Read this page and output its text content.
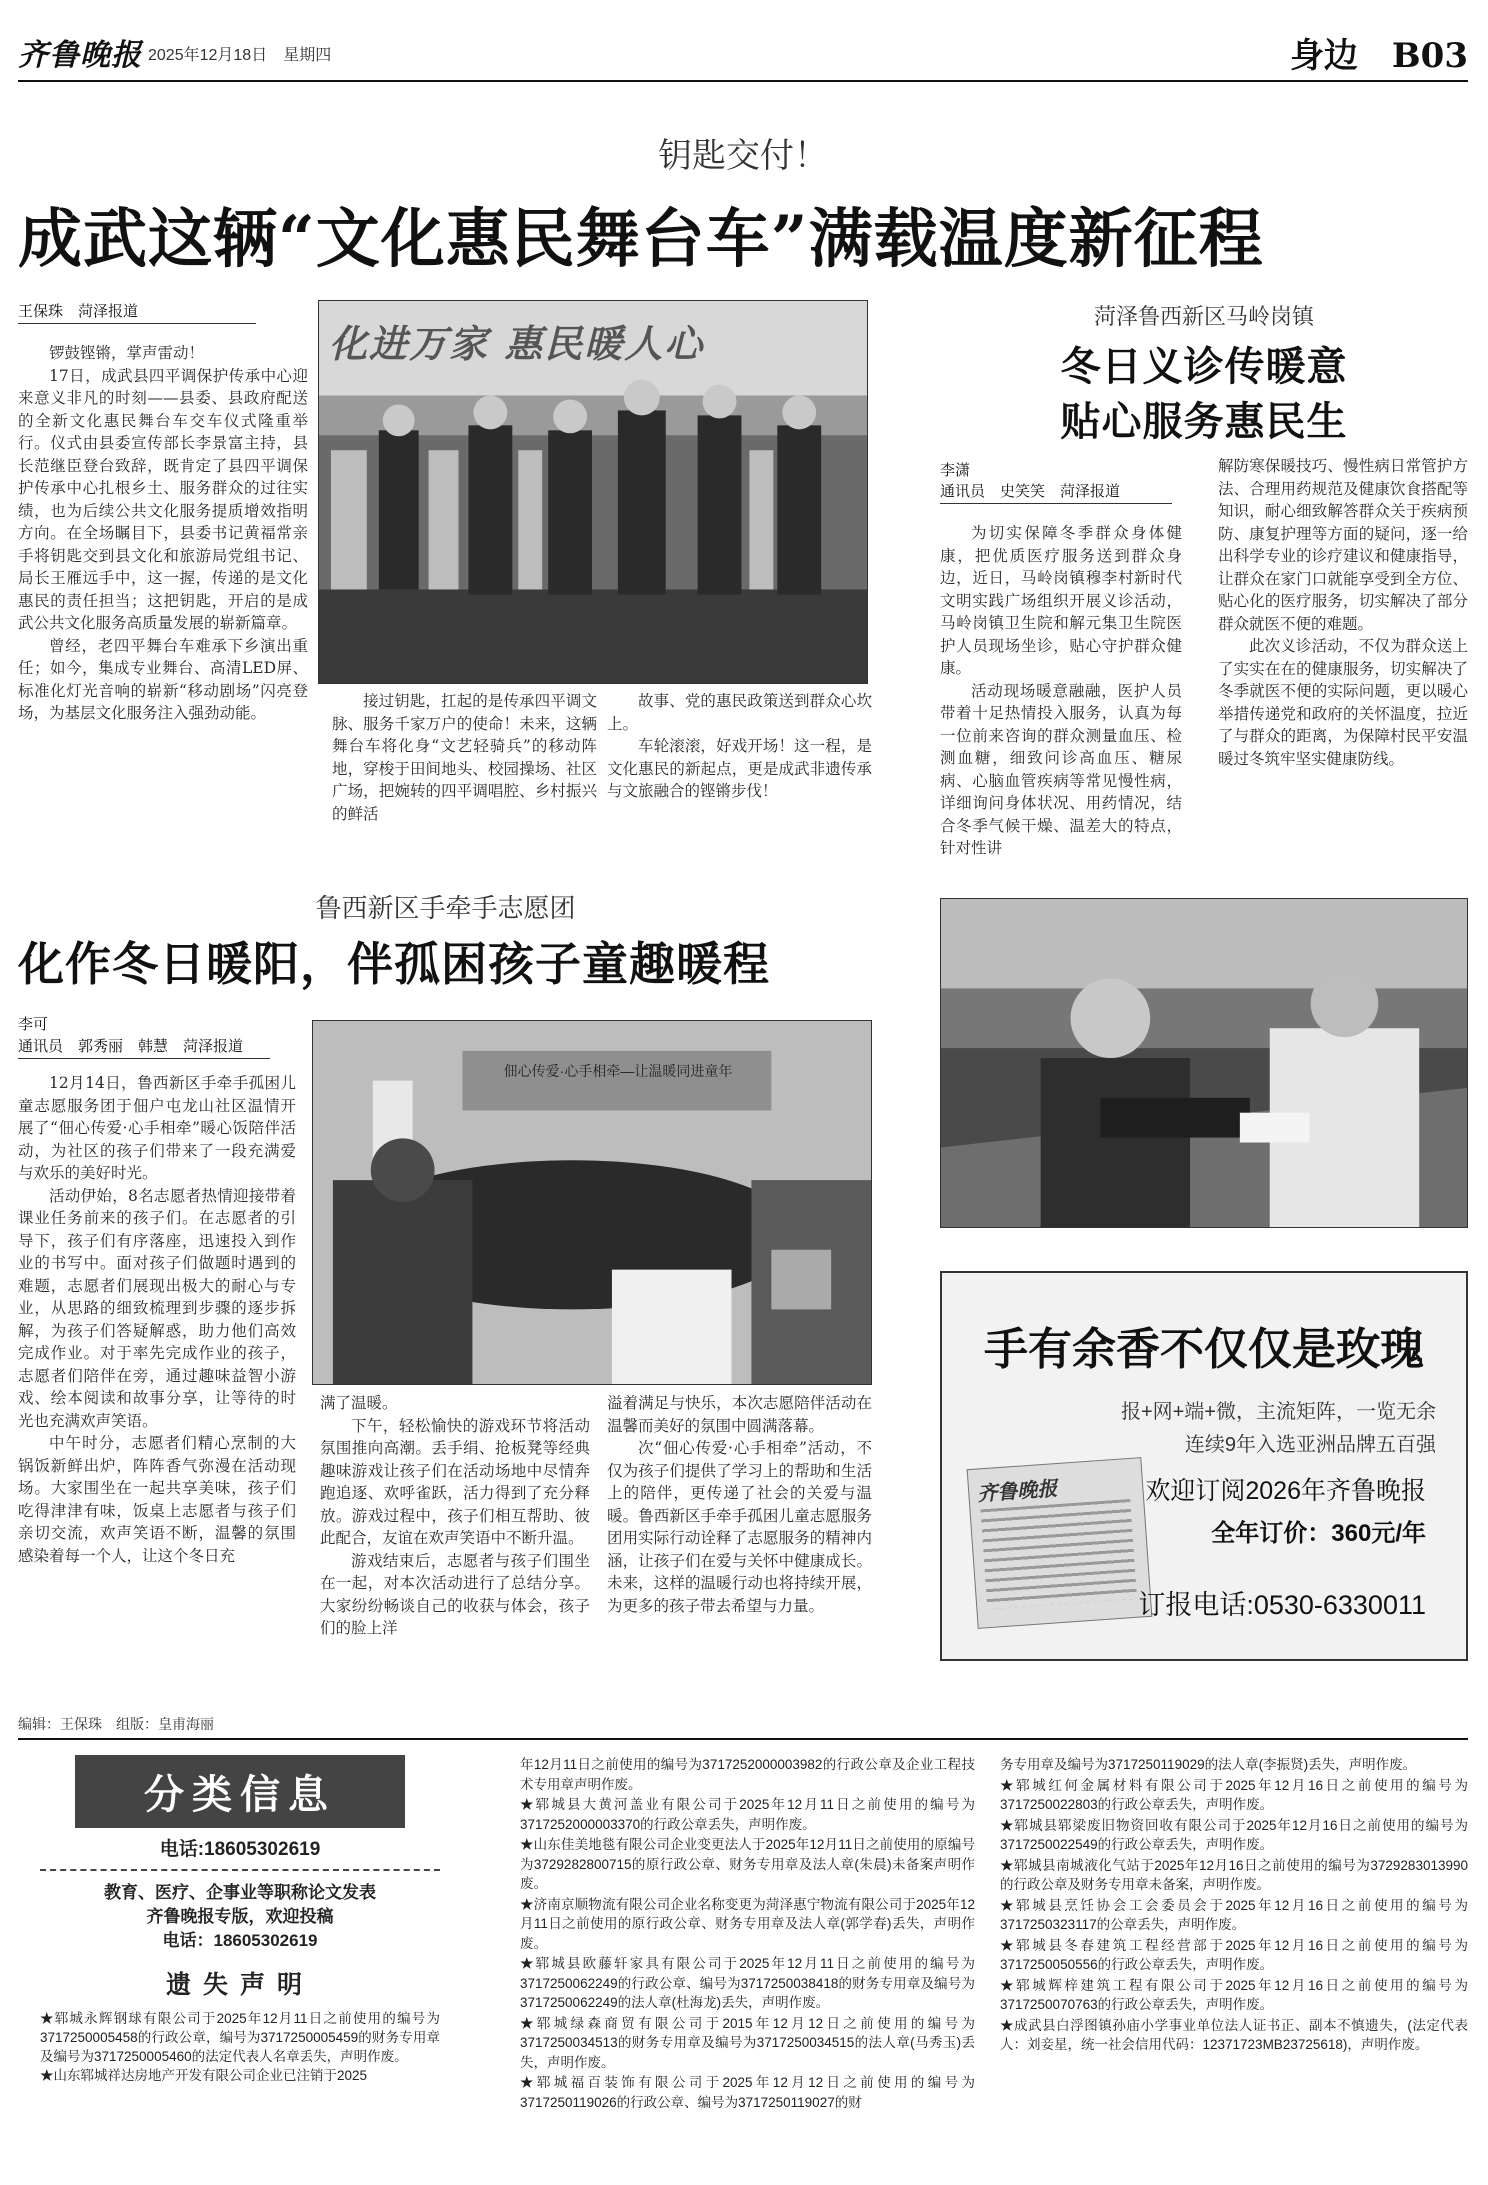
齐鲁晚报 2025年12月18日　星期四	身边　B03
钥匙交付！
成武这辆“文化惠民舞台车”满载温度新征程
王保珠　菏泽报道

锣鼓铿锵，掌声雷动！

17日，成武县四平调保护传承中心迎来意义非凡的时刻——县委、县政府配送的全新文化惠民舞台车交车仪式隆重举行。仪式由县委宣传部长李景富主持，县长范继臣登台致辞，既肯定了县四平调保护传承中心扎根乡土、服务群众的过往实绩，也为后续公共文化服务提质增效指明方向。在全场瞩目下，县委书记黄福常亲手将钥匙交到县文化和旅游局党组书记、局长王雁远手中，这一握，传递的是文化惠民的责任担当；这把钥匙，开启的是成武公共文化服务高质量发展的崭新篇章。

曾经，老四平舞台车难承下乡演出重任；如今，集成专业舞台、高清LED屏、标准化灯光音响的崭新“移动剧场”闪亮登场，为基层文化服务注入强劲动能。

化进万家 惠民暖人心

接过钥匙，扛起的是传承四平调文脉、服务千家万户的使命！未来，这辆舞台车将化身“文艺轻骑兵”的移动阵地，穿梭于田间地头、校园操场、社区广场，把婉转的四平调唱腔、乡村振兴的鲜活

故事、党的惠民政策送到群众心坎上。

车轮滚滚，好戏开场！这一程，是文化惠民的新起点，更是成武非遗传承与文旅融合的铿锵步伐！

菏泽鲁西新区马岭岗镇
冬日义诊传暖意
贴心服务惠民生
李潇
通讯员　史笑笑　菏泽报道

为切实保障冬季群众身体健康，把优质医疗服务送到群众身边，近日，马岭岗镇穆李村新时代文明实践广场组织开展义诊活动，马岭岗镇卫生院和解元集卫生院医护人员现场坐诊，贴心守护群众健康。

活动现场暖意融融，医护人员带着十足热情投入服务，认真为每一位前来咨询的群众测量血压、检测血糖，细致问诊高血压、糖尿病、心脑血管疾病等常见慢性病，详细询问身体状况、用药情况，结合冬季气候干燥、温差大的特点，针对性讲

解防寒保暖技巧、慢性病日常管护方法、合理用药规范及健康饮食搭配等知识，耐心细致解答群众关于疾病预防、康复护理等方面的疑问，逐一给出科学专业的诊疗建议和健康指导，让群众在家门口就能享受到全方位、贴心化的医疗服务，切实解决了部分群众就医不便的难题。

此次义诊活动，不仅为群众送上了实实在在的健康服务，切实解决了冬季就医不便的实际问题，更以暖心举措传递党和政府的关怀温度，拉近了与群众的距离，为保障村民平安温暖过冬筑牢坚实健康防线。

鲁西新区手牵手志愿团
化作冬日暖阳，伴孤困孩子童趣暖程
李可
通讯员　郭秀丽　韩慧　菏泽报道

12月14日，鲁西新区手牵手孤困儿童志愿服务团于佃户屯龙山社区温情开展了“佃心传爱·心手相牵”暖心饭陪伴活动，为社区的孩子们带来了一段充满爱与欢乐的美好时光。

活动伊始，8名志愿者热情迎接带着课业任务前来的孩子们。在志愿者的引导下，孩子们有序落座，迅速投入到作业的书写中。面对孩子们做题时遇到的难题，志愿者们展现出极大的耐心与专业，从思路的细致梳理到步骤的逐步拆解，为孩子们答疑解惑，助力他们高效完成作业。对于率先完成作业的孩子，志愿者们陪伴在旁，通过趣味益智小游戏、绘本阅读和故事分享，让等待的时光也充满欢声笑语。

中午时分，志愿者们精心烹制的大锅饭新鲜出炉，阵阵香气弥漫在活动现场。大家围坐在一起共享美味，孩子们吃得津津有味，饭桌上志愿者与孩子们亲切交流，欢声笑语不断，温馨的氛围感染着每一个人，让这个冬日充

佃心传爱·心手相牵—让温暖同进童年

满了温暖。

下午，轻松愉快的游戏环节将活动氛围推向高潮。丢手绢、抢板凳等经典趣味游戏让孩子们在活动场地中尽情奔跑追逐、欢呼雀跃，活力得到了充分释放。游戏过程中，孩子们相互帮助、彼此配合，友谊在欢声笑语中不断升温。

游戏结束后，志愿者与孩子们围坐在一起，对本次活动进行了总结分享。大家纷纷畅谈自己的收获与体会，孩子们的脸上洋

溢着满足与快乐，本次志愿陪伴活动在温馨而美好的氛围中圆满落幕。

次“佃心传爱·心手相牵”活动，不仅为孩子们提供了学习上的帮助和生活上的陪伴，更传递了社会的关爱与温暖。鲁西新区手牵手孤困儿童志愿服务团用实际行动诠释了志愿服务的精神内涵，让孩子们在爱与关怀中健康成长。未来，这样的温暖行动也将持续开展，为更多的孩子带去希望与力量。

手有余香不仅仅是玫瑰
报+网+端+微，主流矩阵，一览无余
连续9年入选亚洲品牌五百强
齐鲁晚报	欢迎订阅2026年齐鲁晚报
全年订价：360元/年
订报电话:0530-6330011
编辑：王保珠　组版：皇甫海丽
分类信息
电话:18605302619
教育、医疗、企事业等职称论文发表
齐鲁晚报专版，欢迎投稿
电话：18605302619
遗失声明

★郓城永辉钢球有限公司于2025年12月11日之前使用的编号为3717250005458的行政公章，编号为3717250005459的财务专用章及编号为3717250005460的法定代表人名章丢失，声明作废。

★山东郓城祥达房地产开发有限公司企业已注销于2025

年12月11日之前使用的编号为3717252000003982的行政公章及企业工程技术专用章声明作废。

★郓城县大黄河盖业有限公司于2025年12月11日之前使用的编号为3717252000003370的行政公章丢失，声明作废。

★山东佳美地毯有限公司企业变更法人于2025年12月11日之前使用的原编号为3729282800715的原行政公章、财务专用章及法人章(朱晨)未备案声明作废。

★济南京顺物流有限公司企业名称变更为菏泽惠宁物流有限公司于2025年12月11日之前使用的原行政公章、财务专用章及法人章(郭学春)丢失，声明作废。

★郓城县欧藤轩家具有限公司于2025年12月11日之前使用的编号为3717250062249的行政公章、编号为3717250038418的财务专用章及编号为3717250062249的法人章(杜海龙)丢失，声明作废。

★郓城绿森商贸有限公司于2015年12月12日之前使用的编号为3717250034513的财务专用章及编号为3717250034515的法人章(马秀玉)丢失，声明作废。

★郓城福百装饰有限公司于2025年12月12日之前使用的编号为3717250119026的行政公章、编号为3717250119027的财

务专用章及编号为3717250119029的法人章(李振贤)丢失，声明作废。

★郓城红何金属材料有限公司于2025年12月16日之前使用的编号为3717250022803的行政公章丢失，声明作废。

★郓城县郓梁废旧物资回收有限公司于2025年12月16日之前使用的编号为3717250022549的行政公章丢失，声明作废。

★郓城县南城液化气站于2025年12月16日之前使用的编号为3729283013990的行政公章及财务专用章未备案，声明作废。

★郓城县烹饪协会工会委员会于2025年12月16日之前使用的编号为3717250323117的公章丢失，声明作废。

★郓城县冬春建筑工程经营部于2025年12月16日之前使用的编号为3717250050556的行政公章丢失，声明作废。

★郓城辉梓建筑工程有限公司于2025年12月16日之前使用的编号为3717250070763的行政公章丢失，声明作废。

★成武县白浮图镇孙庙小学事业单位法人证书正、副本不慎遗失，(法定代表人：刘妾星，统一社会信用代码：12371723MB23725618)，声明作废。
